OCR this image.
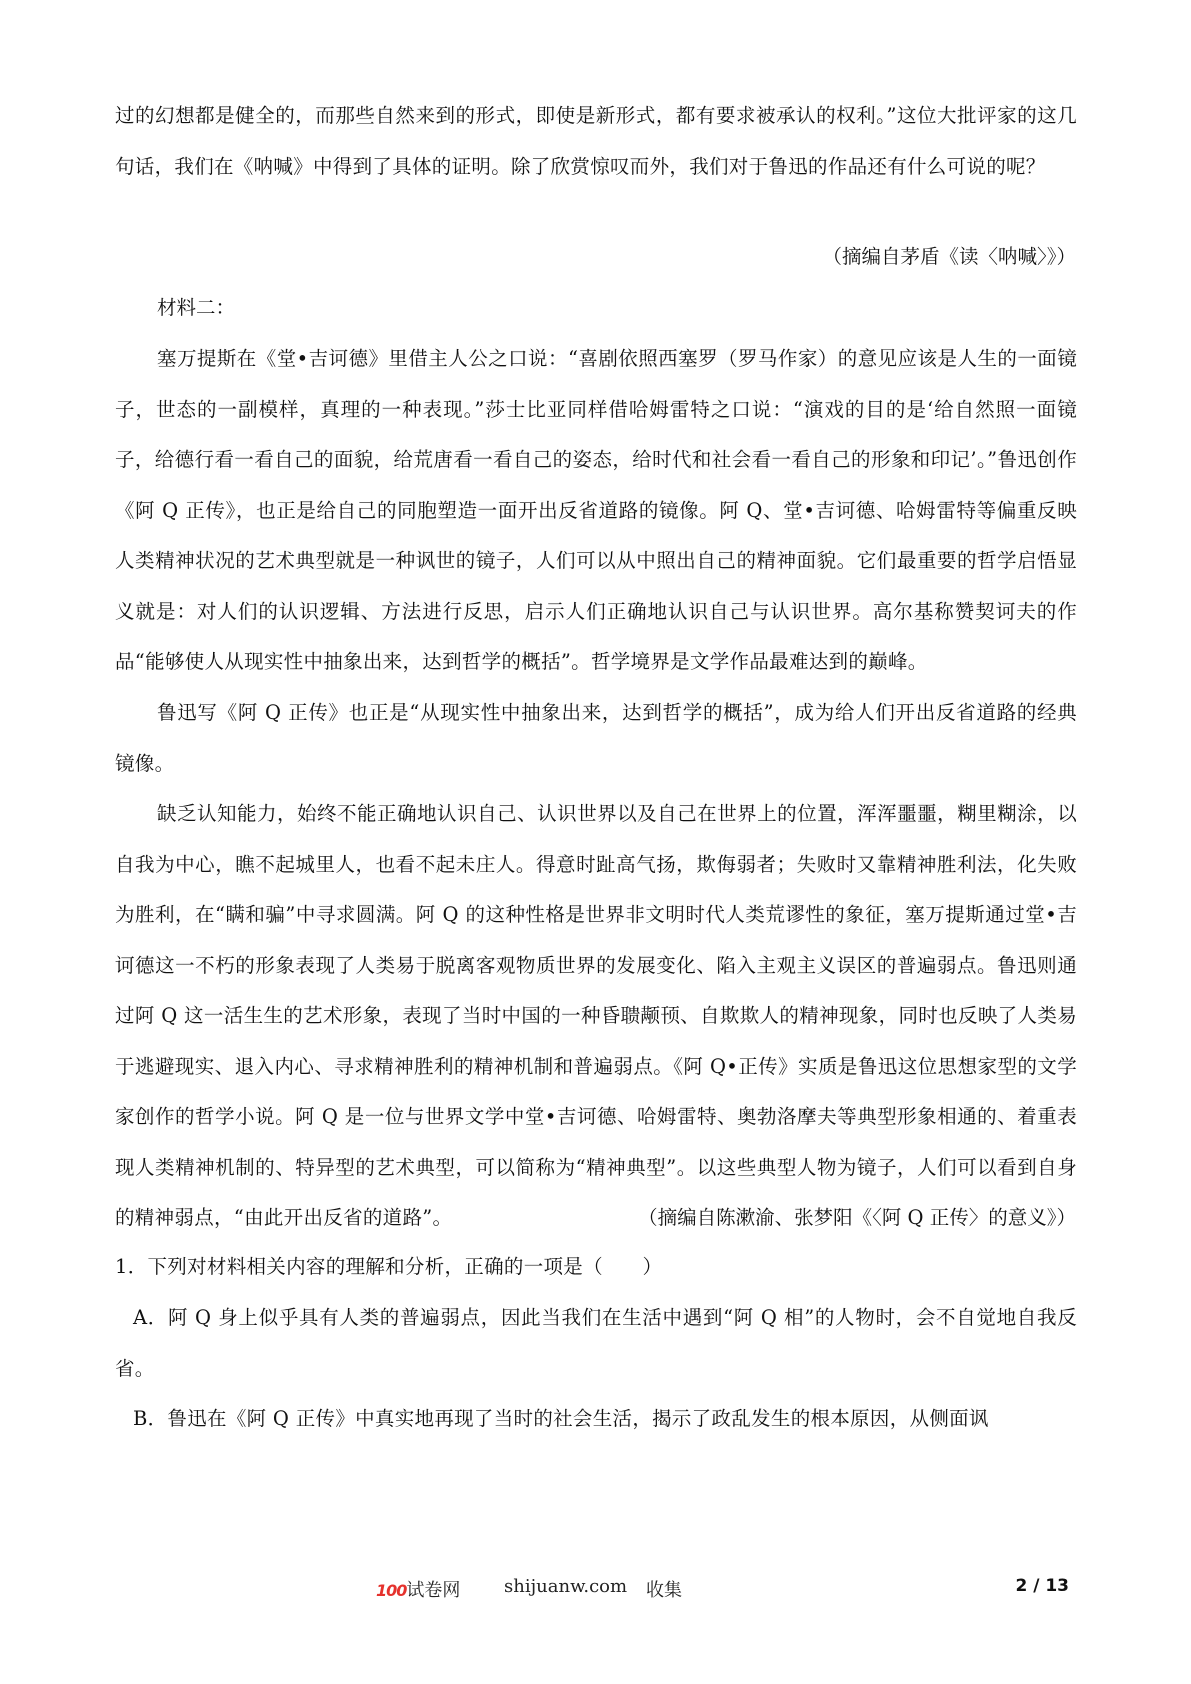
过的幻想都是健全的，而那些自然来到的形式，即使是新形式，都有要求被承认的权利。”这位大批评家的这几句话，我们在《呐喊》中得到了具体的证明。除了欣赏惊叹而外，我们对于鲁迅的作品还有什么可说的呢？

（摘编自茅盾《读〈呐喊〉》）

材料二：

塞万提斯在《堂•吉诃德》里借主人公之口说：“喜剧依照西塞罗（罗马作家）的意见应该是人生的一面镜子，世态的一副模样，真理的一种表现。”莎士比亚同样借哈姆雷特之口说：“演戏的目的是‘给自然照一面镜子，给德行看一看自己的面貌，给荒唐看一看自己的姿态，给时代和社会看一看自己的形象和印记’。”鲁迅创作《阿 Q 正传》，也正是给自己的同胞塑造一面开出反省道路的镜像。阿 Q、堂•吉诃德、哈姆雷特等偏重反映人类精神状况的艺术典型就是一种讽世的镜子，人们可以从中照出自己的精神面貌。它们最重要的哲学启悟显义就是：对人们的认识逻辑、方法进行反思，启示人们正确地认识自己与认识世界。高尔基称赞契诃夫的作品“能够使人从现实性中抽象出来，达到哲学的概括”。哲学境界是文学作品最难达到的巅峰。

鲁迅写《阿 Q 正传》也正是“从现实性中抽象出来，达到哲学的概括”，成为给人们开出反省道路的经典镜像。

缺乏认知能力，始终不能正确地认识自己、认识世界以及自己在世界上的位置，浑浑噩噩，糊里糊涂，以自我为中心，瞧不起城里人，也看不起未庄人。得意时趾高气扬，欺侮弱者；失败时又靠精神胜利法，化失败为胜利，在“瞒和骗”中寻求圆满。阿 Q 的这种性格是世界非文明时代人类荒谬性的象征，塞万提斯通过堂•吉诃德这一不朽的形象表现了人类易于脱离客观物质世界的发展变化、陷入主观主义误区的普遍弱点。鲁迅则通过阿 Q 这一活生生的艺术形象，表现了当时中国的一种昏聩颟顸、自欺欺人的精神现象，同时也反映了人类易于逃避现实、退入内心、寻求精神胜利的精神机制和普遍弱点。《阿 Q•正传》实质是鲁迅这位思想家型的文学家创作的哲学小说。阿 Q 是一位与世界文学中堂•吉诃德、哈姆雷特、奥勃洛摩夫等典型形象相通的、着重表现人类精神机制的、特异型的艺术典型，可以简称为“精神典型”。以这些典型人物为镜子，人们可以看到自身的精神弱点，“由此开出反省的道路”。	（摘编自陈漱渝、张梦阳《〈阿 Q 正传〉的意义》）

1．下列对材料相关内容的理解和分析，正确的一项是（　　）

A．阿 Q 身上似乎具有人类的普遍弱点，因此当我们在生活中遇到“阿 Q 相”的人物时，会不自觉地自我反省。

B．鲁迅在《阿 Q 正传》中真实地再现了当时的社会生活，揭示了政乱发生的根本原因，从侧面讽

100试卷网 shijuanw.com 收集	2 / 13
